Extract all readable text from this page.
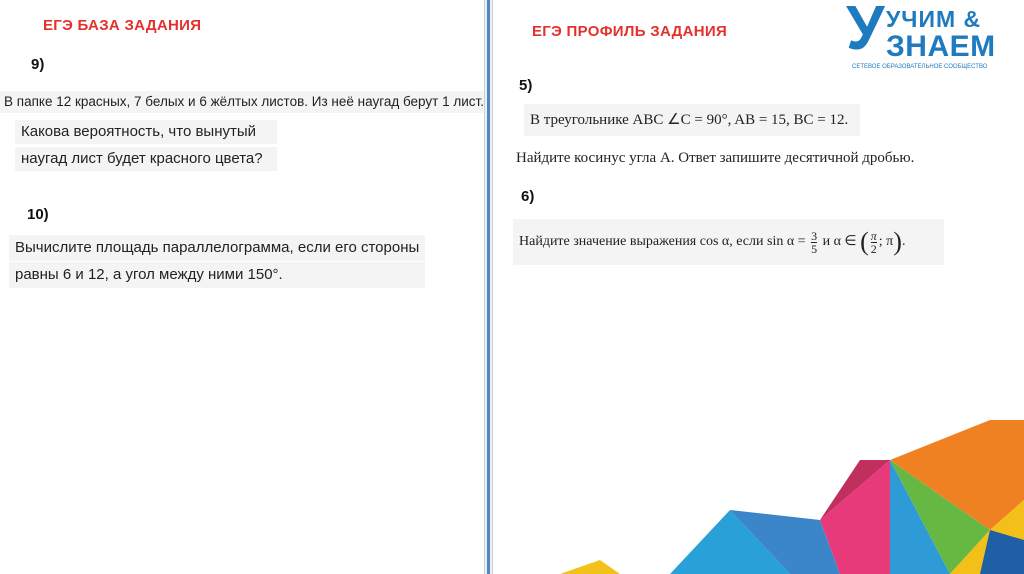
ЕГЭ БАЗА ЗАДАНИЯ
9)
В папке 12 красных, 7 белых и 6 жёлтых листов. Из неё наугад берут 1 лист.
Какова вероятность, что вынутый
наугад лист будет красного цвета?
10)
Вычислите площадь параллелограмма, если его стороны
равны 6 и 12, а угол между ними 150°.
ЕГЭ ПРОФИЛЬ ЗАДАНИЯ
5)
В треугольнике ABC ∠C = 90°, AB = 15, BC = 12.
Найдите косинус угла A. Ответ запишите десятичной дробью.
6)
Найдите значение выражения cos α, если $\sin \alpha = \frac{3}{5}$ и α ∈ ( $\frac{\pi}{2}$ ; π).
У УЧИМ &
ЗНАЕМ
СЕТЕВОЕ ОБРАЗОВАТЕЛЬНОЕ СООБЩЕСТВО
